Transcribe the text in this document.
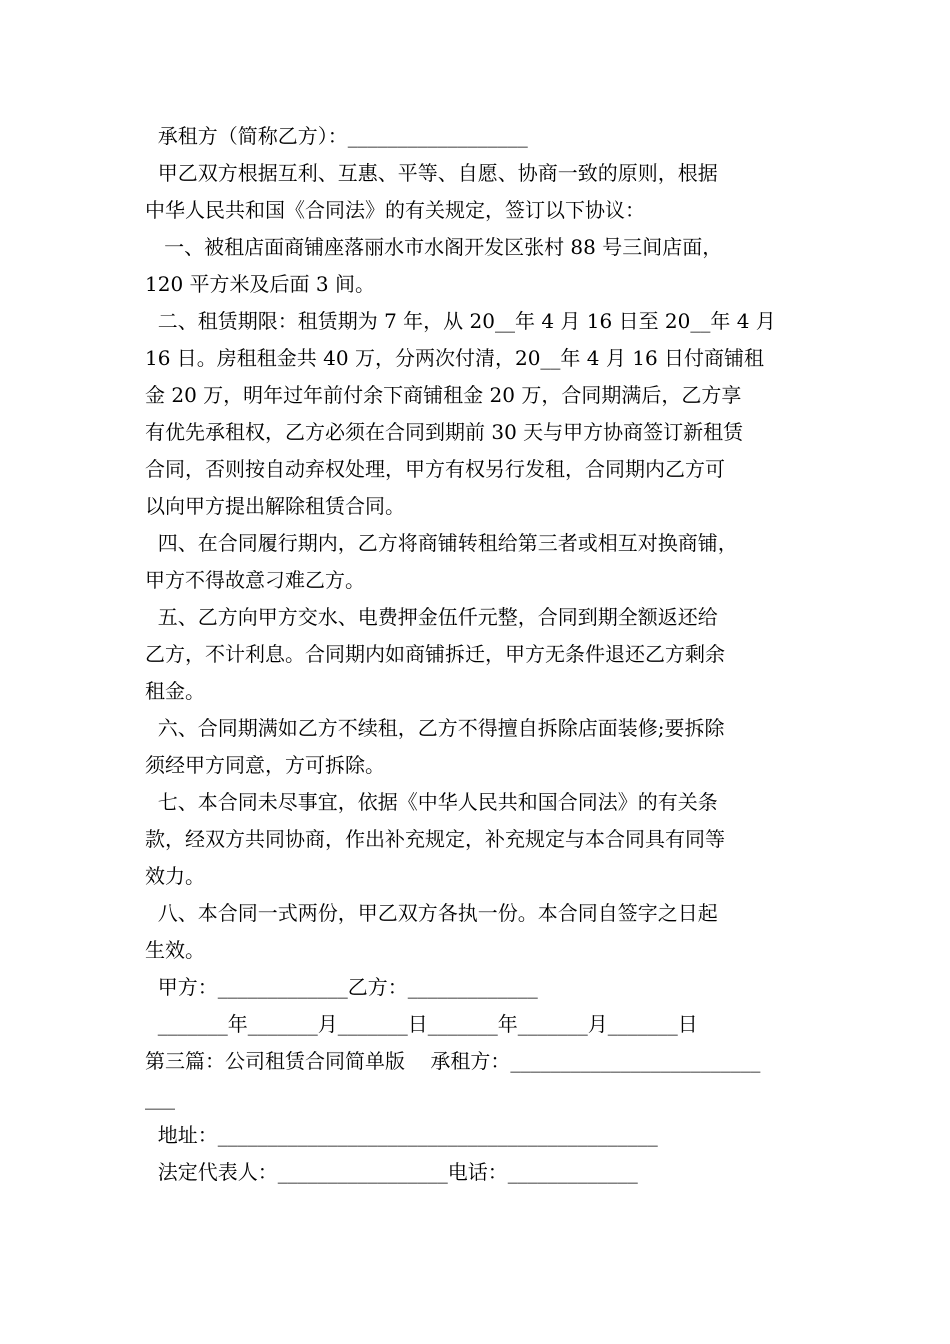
承租方（简称乙方）：__________________
甲乙双方根据互利、互惠、平等、自愿、协商一致的原则，根据
中华人民共和国《合同法》的有关规定，签订以下协议：
一、被租店面商铺座落丽水市水阁开发区张村 88 号三间店面，
120 平方米及后面 3 间。
二、租赁期限：租赁期为 7 年，从 20__年 4 月 16 日至 20__年 4 月
16 日。房租租金共 40 万，分两次付清，20__年 4 月 16 日付商铺租
金 20 万，明年过年前付余下商铺租金 20 万，合同期满后，乙方享
有优先承租权，乙方必须在合同到期前 30 天与甲方协商签订新租赁
合同，否则按自动弃权处理，甲方有权另行发租，合同期内乙方可
以向甲方提出解除租赁合同。
四、在合同履行期内，乙方将商铺转租给第三者或相互对换商铺，
甲方不得故意刁难乙方。
五、乙方向甲方交水、电费押金伍仟元整，合同到期全额返还给
乙方，不计利息。合同期内如商铺拆迁，甲方无条件退还乙方剩余
租金。
六、合同期满如乙方不续租，乙方不得擅自拆除店面装修;要拆除
须经甲方同意，方可拆除。
七、本合同未尽事宜，依据《中华人民共和国合同法》的有关条
款，经双方共同协商，作出补充规定，补充规定与本合同具有同等
效力。
八、本合同一式两份，甲乙双方各执一份。本合同自签字之日起
生效。
甲方：_____________乙方：_____________
_______年_______月_______日_______年_______月_______日
第三篇：公司租赁合同简单版    承租方：_________________________
___
地址：____________________________________________
法定代表人：_________________电话：_____________
